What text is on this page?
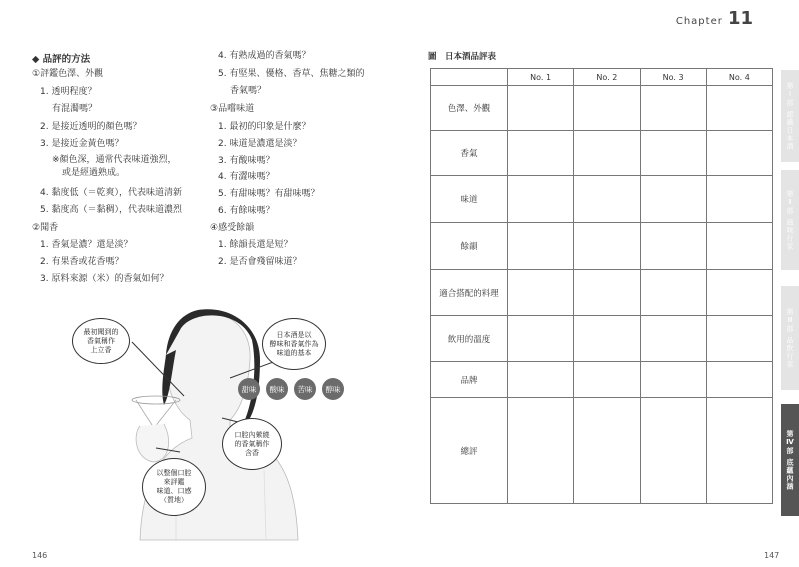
◆ 品評的方法
①評鑑色澤、外觀
1. 透明程度？
有混濁嗎？
2. 是接近透明的顏色嗎？
3. 是接近金黃色嗎？
※顏色深，通常代表味道強烈，
或是經過熟成。
4. 黏度低（＝乾爽），代表味道清新
5. 黏度高（＝黏稠），代表味道濃烈
②聞香
1. 香氣是濃？還是淡？
2. 有果香或花香嗎？
3. 原料來源（米）的香氣如何？
4. 有熟成過的香氣嗎？
5. 有堅果、優格、香草、焦糖之類的
香氣嗎？
③品嚐味道
1. 最初的印象是什麼？
2. 味道是濃還是淡？
3. 有酸味嗎？
4. 有澀味嗎？
5. 有甜味嗎？有甜味嗎？
6. 有餘味嗎？
④感受餘韻
1. 餘韻長還是短？
2. 是否會殘留味道？
最初聞到的
香氣稱作
上立香
日本酒是以
醇味和香氣作為
味道的基本
口腔內縈繞
的香氣稱作
含香
以整個口腔
來評鑑
味道、口感
（質地）
甜味	酸味	苦味	醇味
146
Chapter 11
圖　日本酒品評表
	No. 1	No. 2	No. 3	No. 4
色澤、外觀				
香氣				
味道				
餘韻				
適合搭配的料理				
飲用的溫度				
品牌				
總評				
第Ⅰ部 認識日本酒
第Ⅱ部 風味行家
第Ⅲ部 品飲行家
第Ⅳ部 底蘊內涵
147
